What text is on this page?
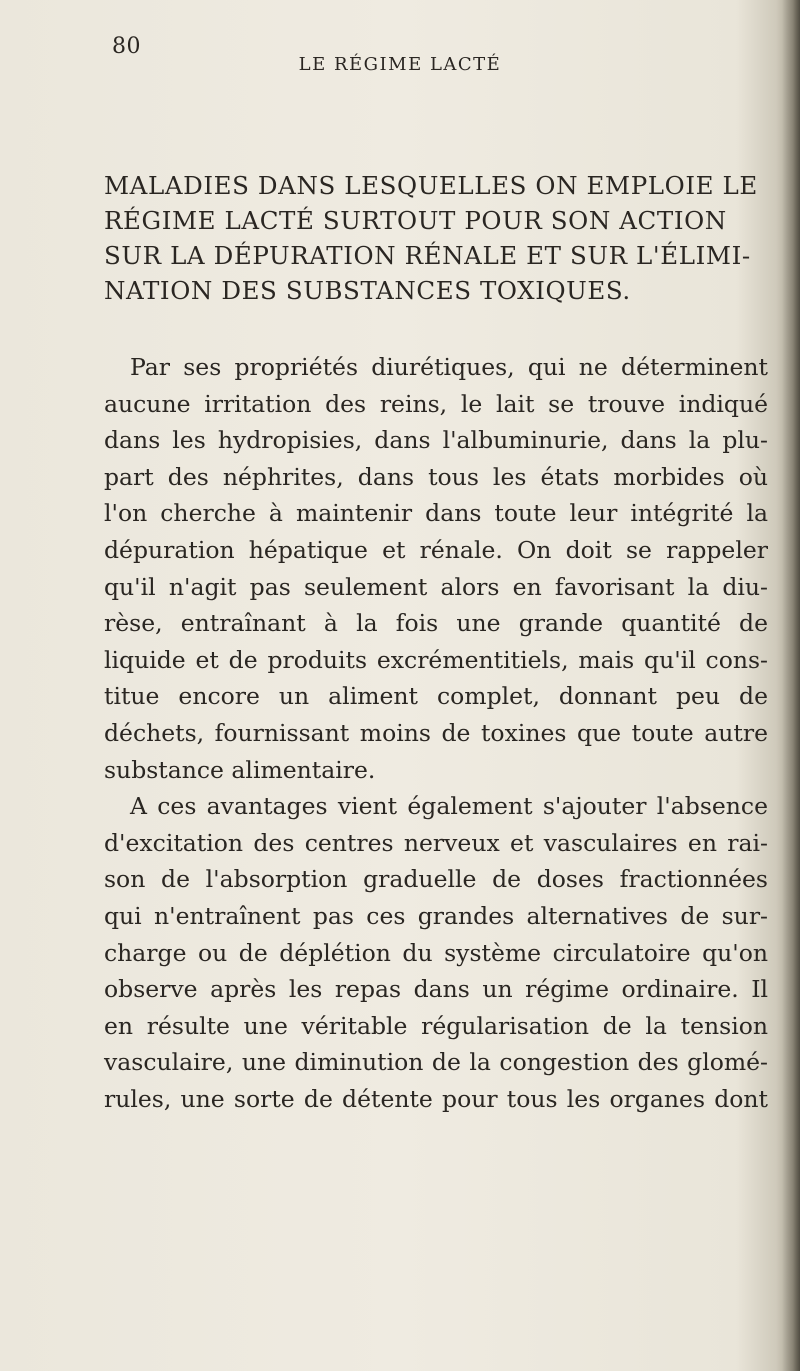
80
LE RÉGIME LACTÉ
MALADIES DANS LESQUELLES ON EMPLOIE LE
RÉGIME LACTÉ SURTOUT POUR SON ACTION
SUR LA DÉPURATION RÉNALE ET SUR L'ÉLIMI-
NATION DES SUBSTANCES TOXIQUES.
Par ses propriétés diurétiques, qui ne déterminent
aucune irritation des reins, le lait se trouve indiqué
dans les hydropisies, dans l'albuminurie, dans la plu-
part des néphrites, dans tous les états morbides où
l'on cherche à maintenir dans toute leur intégrité la
dépuration hépatique et rénale. On doit se rappeler
qu'il n'agit pas seulement alors en favorisant la diu-
rèse, entraînant à la fois une grande quantité de
liquide et de produits excrémentitiels, mais qu'il cons-
titue encore un aliment complet, donnant peu de
déchets, fournissant moins de toxines que toute autre
substance alimentaire.
A ces avantages vient également s'ajouter l'absence
d'excitation des centres nerveux et vasculaires en rai-
son de l'absorption graduelle de doses fractionnées
qui n'entraînent pas ces grandes alternatives de sur-
charge ou de déplétion du système circulatoire qu'on
observe après les repas dans un régime ordinaire. Il
en résulte une véritable régularisation de la tension
vasculaire, une diminution de la congestion des glomé-
rules, une sorte de détente pour tous les organes dont
